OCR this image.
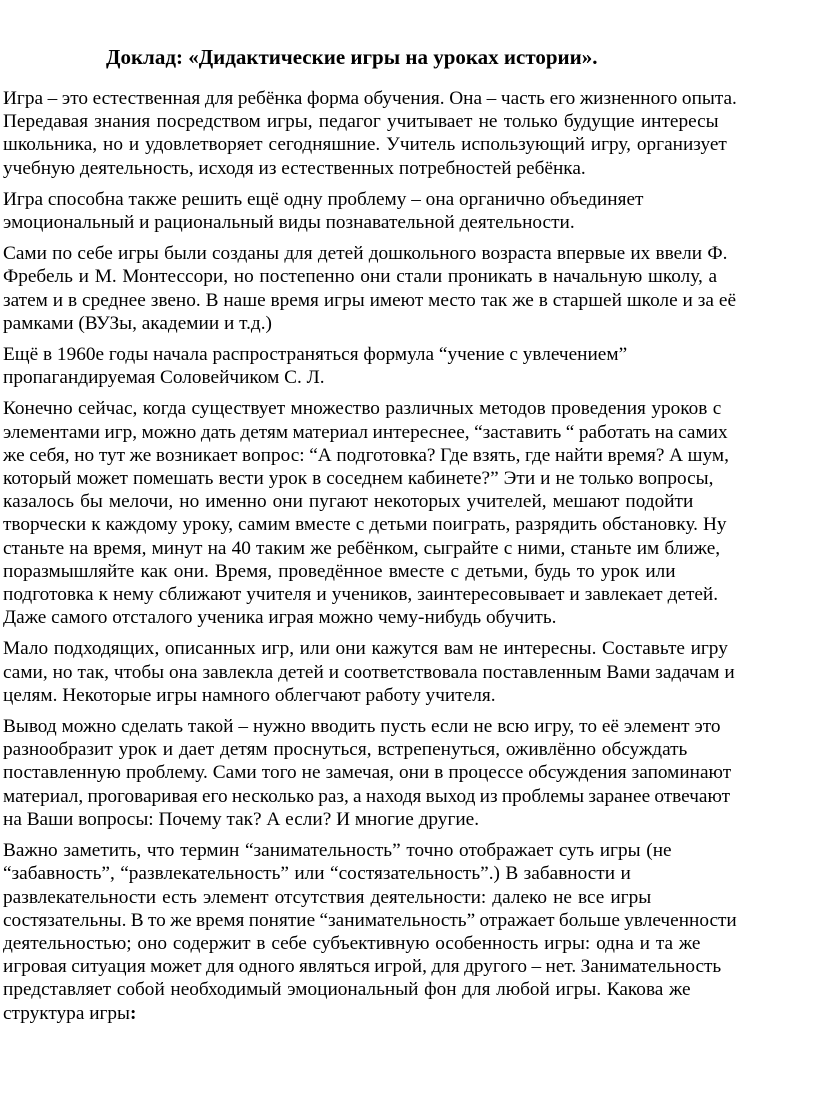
Доклад: «Дидактические игры на уроках истории».

Игра – это естественная для ребёнка форма обучения. Она – часть его жизненного опыта.
Передавая знания посредством игры, педагог учитывает не только будущие интересы
школьника, но и удовлетворяет сегодняшние. Учитель использующий игру, организует
учебную деятельность, исходя из естественных потребностей ребёнка.

Игра способна также решить ещё одну проблему – она органично объединяет
эмоциональный и рациональный виды познавательной деятельности.

Сами по себе игры были созданы для детей дошкольного возраста впервые их ввели Ф.
Фребель и М. Монтессори, но постепенно они стали проникать в начальную школу, а
затем и в среднее звено. В наше время игры имеют место так же в старшей школе и за её
рамками (ВУЗы, академии и т.д.)

Ещё в 1960е годы начала распространяться формула “учение с увлечением”
пропагандируемая Соловейчиком С. Л.

Конечно сейчас, когда существует множество различных методов проведения уроков с
элементами игр, можно дать детям материал интереснее, “заставить “ работать на самих
же себя, но тут же возникает вопрос: “А подготовка? Где взять, где найти время? А шум,
который может помешать вести урок в соседнем кабинете?” Эти и не только вопросы,
казалось бы мелочи, но именно они пугают некоторых учителей, мешают подойти
творчески к каждому уроку, самим вместе с детьми поиграть, разрядить обстановку. Ну
станьте на время, минут на 40 таким же ребёнком, сыграйте с ними, станьте им ближе,
поразмышляйте как они. Время, проведённое вместе с детьми, будь то урок или
подготовка к нему сближают учителя и учеников, заинтересовывает и завлекает детей.
Даже самого отсталого ученика играя можно чему-нибудь обучить.

Мало подходящих, описанных игр, или они кажутся вам не интересны. Составьте игру
сами, но так, чтобы она завлекла детей и соответствовала поставленным Вами задачам и
целям. Некоторые игры намного облегчают работу учителя.

Вывод можно сделать такой – нужно вводить пусть если не всю игру, то её элемент это
разнообразит урок и дает детям проснуться, встрепенуться, оживлённо обсуждать
поставленную проблему. Сами того не замечая, они в процессе обсуждения запоминают
материал, проговаривая его несколько раз, а находя выход из проблемы заранее отвечают
на Ваши вопросы: Почему так? А если? И многие другие.

Важно заметить, что термин “занимательность” точно отображает суть игры (не
“забавность”, “развлекательность” или “состязательность”.) В забавности и
развлекательности есть элемент отсутствия деятельности: далеко не все игры
состязательны. В то же время понятие “занимательность” отражает больше увлеченности
деятельностью; оно содержит в себе субъективную особенность игры: одна и та же
игровая ситуация может для одного являться игрой, для другого – нет. Занимательность
представляет собой необходимый эмоциональный фон для любой игры. Какова же
структура игры:
